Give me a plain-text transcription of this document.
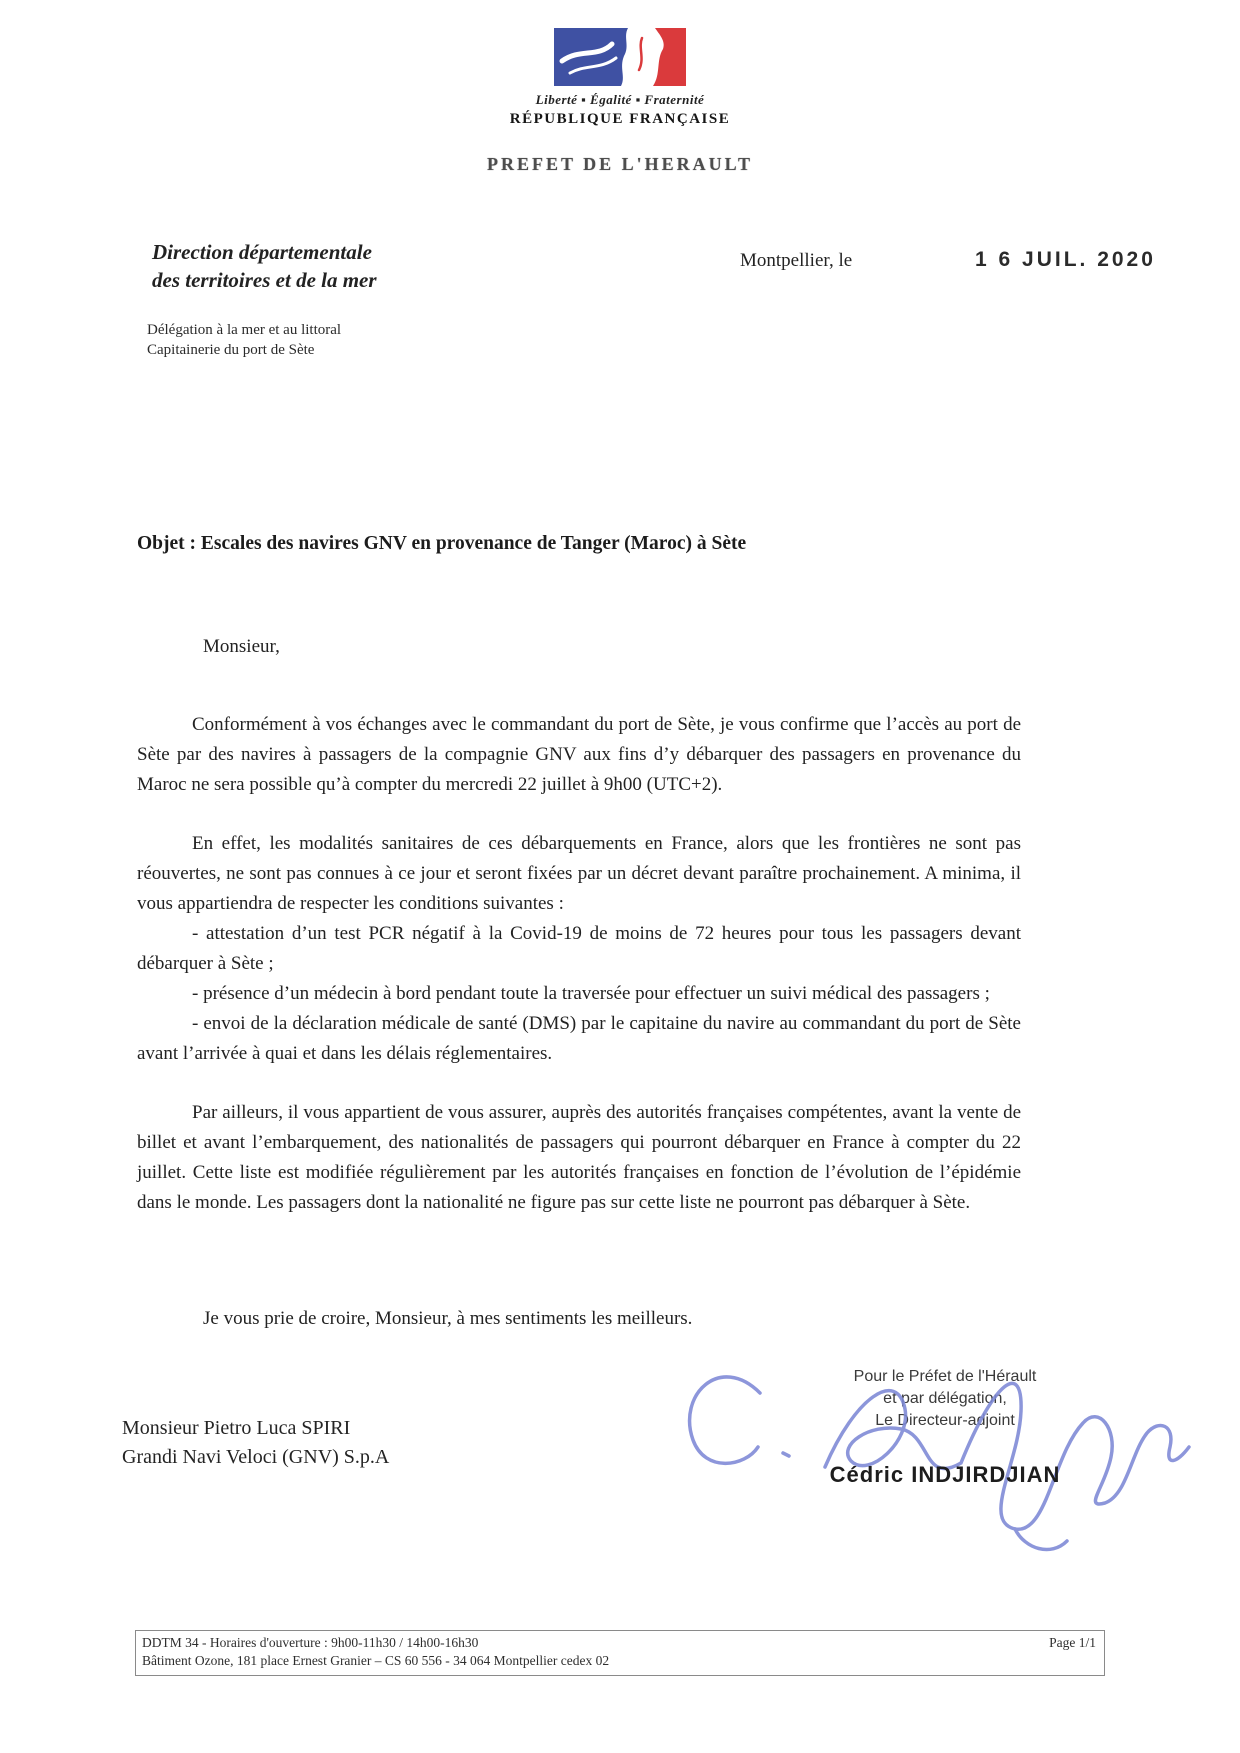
Liberté ▪ Égalité ▪ Fraternité
RÉPUBLIQUE FRANÇAISE
PREFET DE L'HERAULT
Direction départementale
des territoires et de la mer
Délégation à la mer et au littoral
Capitainerie du port de Sète
Montpellier, le	1 6 JUIL. 2020
Objet : Escales des navires GNV en provenance de Tanger (Maroc) à Sète

Monsieur,

Conformément à vos échanges avec le commandant du port de Sète, je vous confirme que l’accès au port de Sète par des navires à passagers de la compagnie GNV aux fins d’y débarquer des passagers en provenance du Maroc ne sera possible qu’à compter du mercredi 22 juillet à 9h00 (UTC+2).

En effet, les modalités sanitaires de ces débarquements en France, alors que les frontières ne sont pas réouvertes, ne sont pas connues à ce jour et seront fixées par un décret devant paraître prochainement. A minima, il vous appartiendra de respecter les conditions suivantes :

- attestation d’un test PCR négatif à la Covid-19 de moins de 72 heures pour tous les passagers devant débarquer à Sète ;

- présence d’un médecin à bord pendant toute la traversée pour effectuer un suivi médical des passagers ;

- envoi de la déclaration médicale de santé (DMS) par le capitaine du navire au commandant du port de Sète avant l’arrivée à quai et dans les délais réglementaires.

Par ailleurs, il vous appartient de vous assurer, auprès des autorités françaises compétentes, avant la vente de billet et avant l’embarquement, des nationalités de passagers qui pourront débarquer en France à compter du 22 juillet. Cette liste est modifiée régulièrement par les autorités françaises en fonction de l’évolution de l’épidémie dans le monde. Les passagers dont la nationalité ne figure pas sur cette liste ne pourront pas débarquer à Sète.

Je vous prie de croire, Monsieur, à mes sentiments les meilleurs.

Monsieur Pietro Luca SPIRI
Grandi Navi Veloci (GNV) S.p.A
Pour le Préfet de l'Hérault
et par délégation,
Le Directeur-adjoint
Cédric INDJIRDJIAN
DDTM 34 - Horaires d'ouverture : 9h00-11h30 / 14h00-16h30
Bâtiment Ozone, 181 place Ernest Granier – CS 60 556 - 34 064 Montpellier cedex 02
Page 1/1
